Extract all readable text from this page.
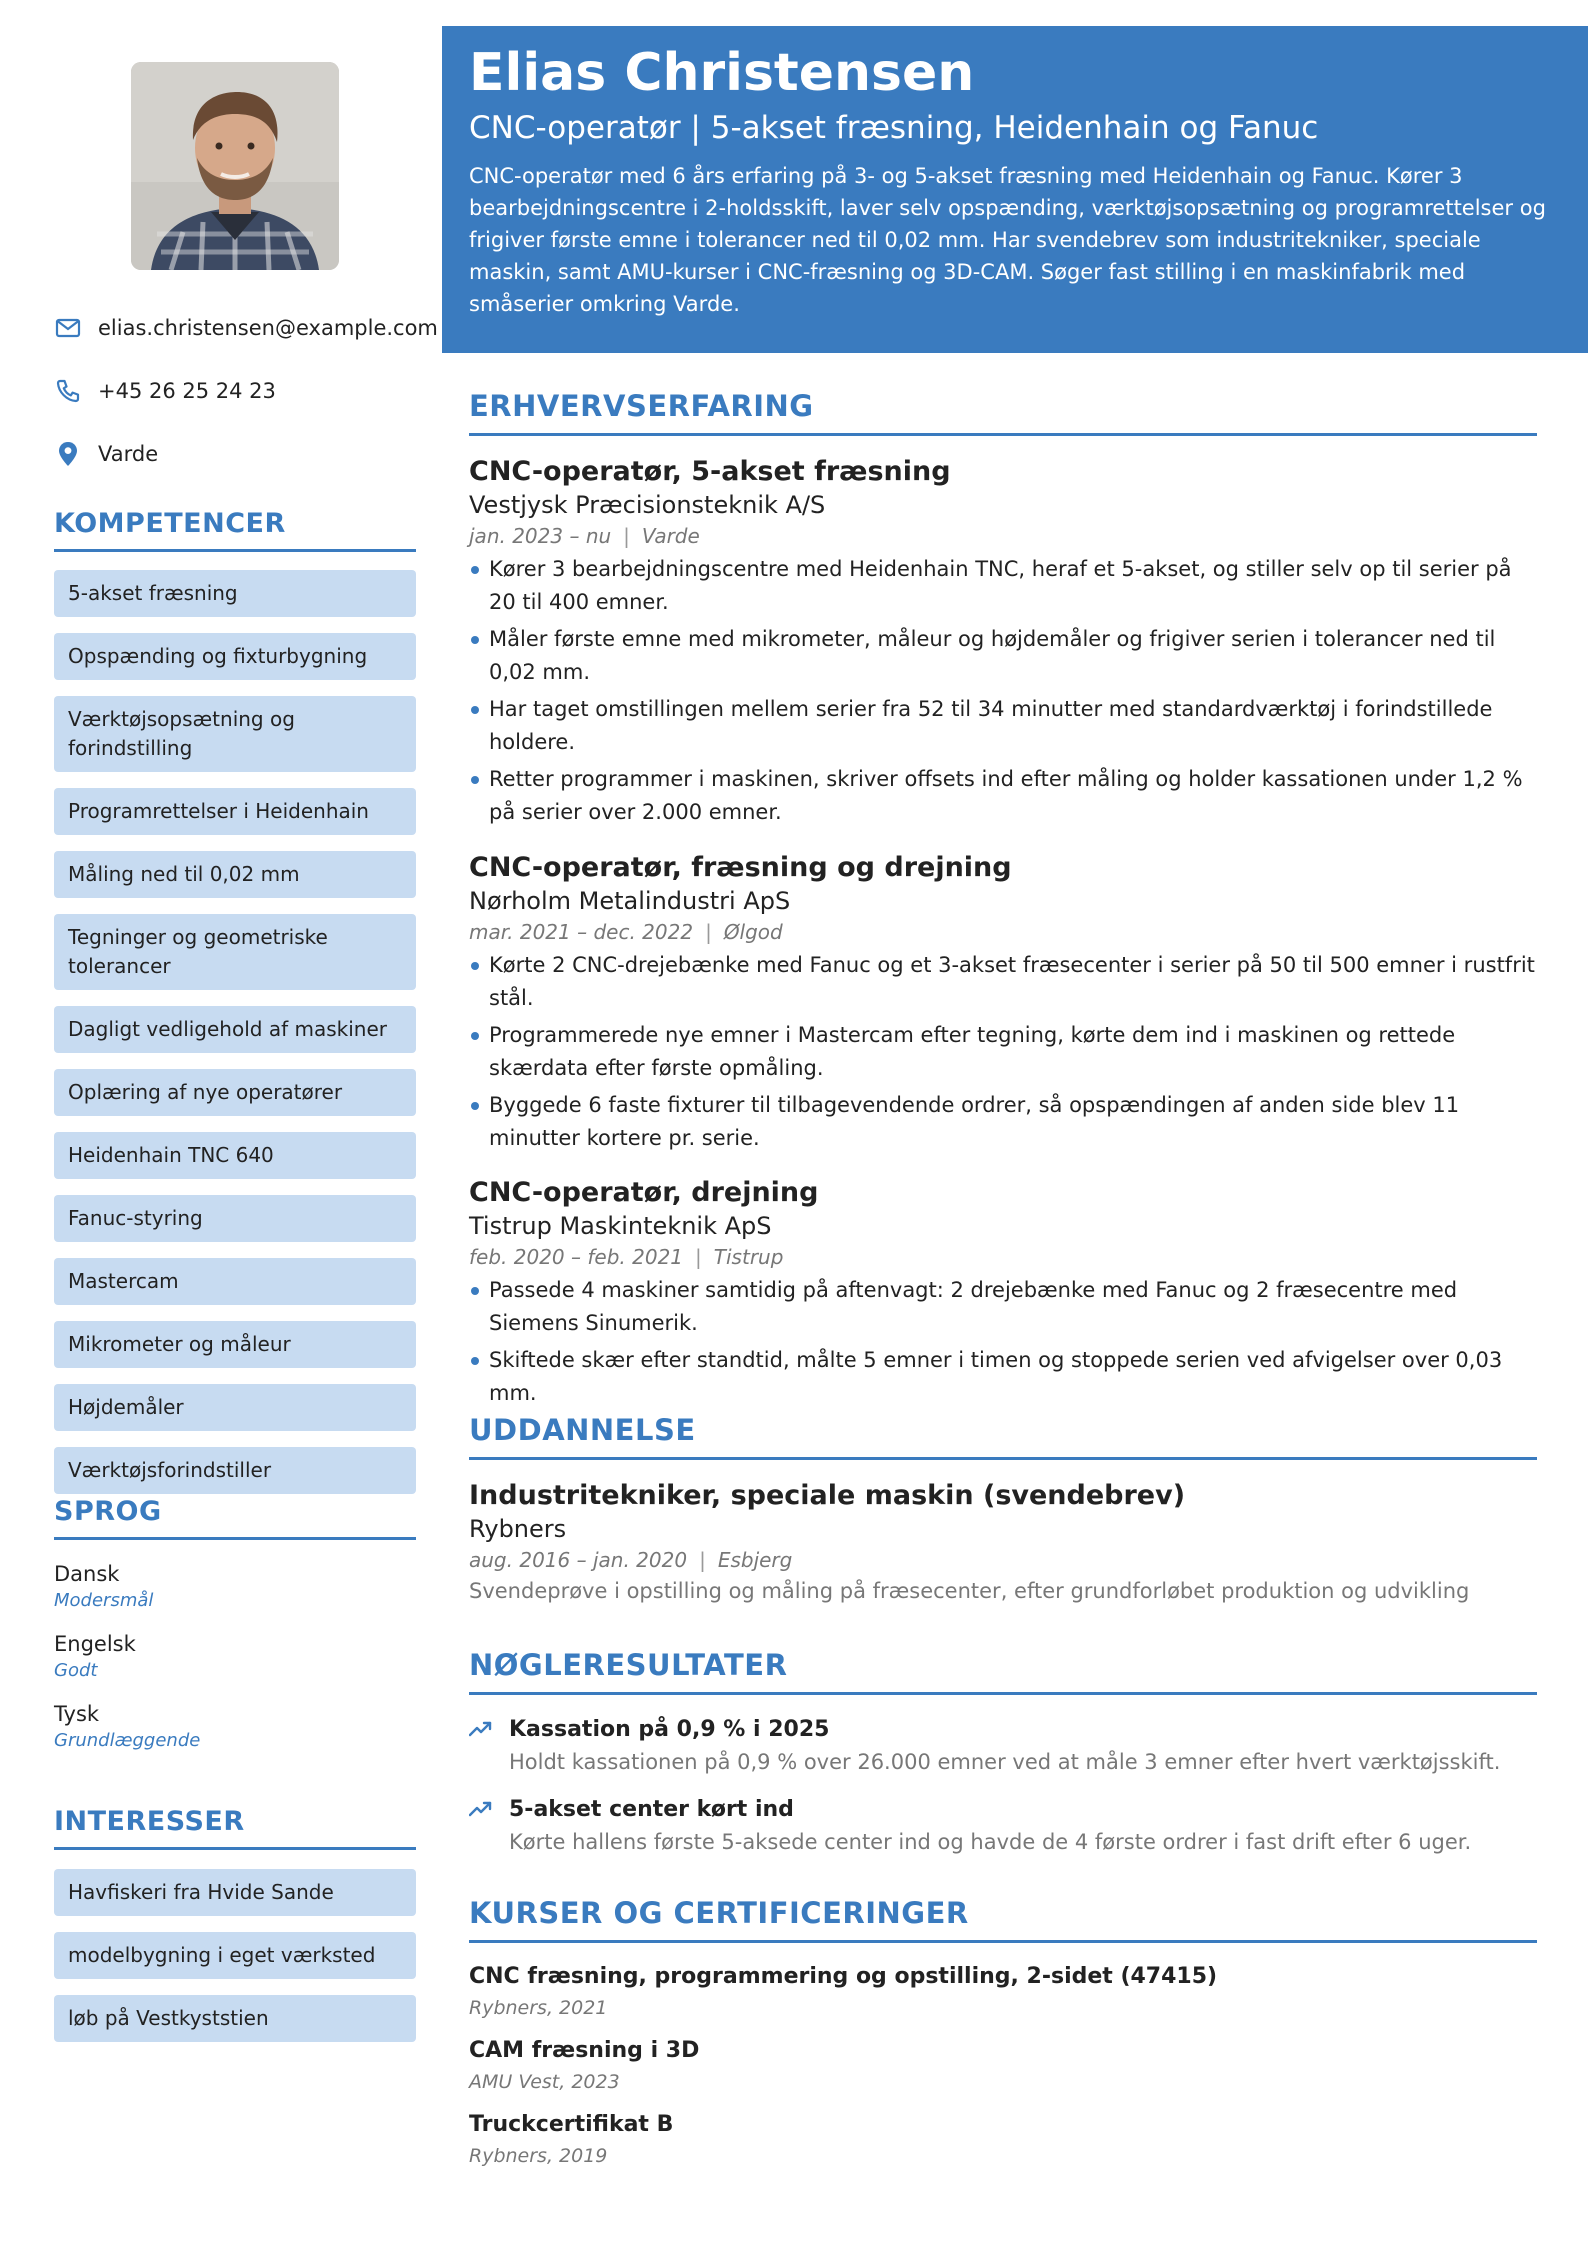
elias.christensen@example.com
+45 26 25 24 23
Varde
KOMPETENCER
5-akset fræsning
Opspænding og fixturbygning
Værktøjsopsætning og forindstilling
Programrettelser i Heidenhain
Måling ned til 0,02 mm
Tegninger og geometriske tolerancer
Dagligt vedligehold af maskiner
Oplæring af nye operatører
Heidenhain TNC 640
Fanuc-styring
Mastercam
Mikrometer og måleur
Højdemåler
Værktøjsforindstiller
SPROG
Dansk
Modersmål
Engelsk
Godt
Tysk
Grundlæggende
INTERESSER
Havfiskeri fra Hvide Sande
modelbygning i eget værksted
løb på Vestkyststien
Elias Christensen
CNC-operatør | 5-akset fræsning, Heidenhain og Fanuc
CNC-operatør med 6 års erfaring på 3- og 5-akset fræsning med Heidenhain og Fanuc. Kører 3 bearbejdningscentre i 2-holdsskift, laver selv opspænding, værktøjsopsætning og programrettelser og frigiver første emne i tolerancer ned til 0,02 mm. Har svendebrev som industritekniker, speciale maskin, samt AMU-kurser i CNC-fræsning og 3D-CAM. Søger fast stilling i en maskinfabrik med småserier omkring Varde.
ERHVERVSERFARING
CNC-operatør, 5-akset fræsning
Vestjysk Præcisionsteknik A/S
jan. 2023 – nu | Varde
Kører 3 bearbejdningscentre med Heidenhain TNC, heraf et 5-akset, og stiller selv op til serier på 20 til 400 emner.
Måler første emne med mikrometer, måleur og højdemåler og frigiver serien i tolerancer ned til 0,02 mm.
Har taget omstillingen mellem serier fra 52 til 34 minutter med standardværktøj i forindstillede holdere.
Retter programmer i maskinen, skriver offsets ind efter måling og holder kassationen under 1,2 % på serier over 2.000 emner.
CNC-operatør, fræsning og drejning
Nørholm Metalindustri ApS
mar. 2021 – dec. 2022 | Ølgod
Kørte 2 CNC-drejebænke med Fanuc og et 3-akset fræsecenter i serier på 50 til 500 emner i rustfrit stål.
Programmerede nye emner i Mastercam efter tegning, kørte dem ind i maskinen og rettede skærdata efter første opmåling.
Byggede 6 faste fixturer til tilbagevendende ordrer, så opspændingen af anden side blev 11 minutter kortere pr. serie.
CNC-operatør, drejning
Tistrup Maskinteknik ApS
feb. 2020 – feb. 2021 | Tistrup
Passede 4 maskiner samtidig på aftenvagt: 2 drejebænke med Fanuc og 2 fræsecentre med Siemens Sinumerik.
Skiftede skær efter standtid, målte 5 emner i timen og stoppede serien ved afvigelser over 0,03 mm.
UDDANNELSE
Industritekniker, speciale maskin (svendebrev)
Rybners
aug. 2016 – jan. 2020 | Esbjerg
Svendeprøve i opstilling og måling på fræsecenter, efter grundforløbet produktion og udvikling
NØGLERESULTATER
Kassation på 0,9 % i 2025
Holdt kassationen på 0,9 % over 26.000 emner ved at måle 3 emner efter hvert værktøjsskift.
5-akset center kørt ind
Kørte hallens første 5-aksede center ind og havde de 4 første ordrer i fast drift efter 6 uger.
KURSER OG CERTIFICERINGER
CNC fræsning, programmering og opstilling, 2-sidet (47415)
Rybners, 2021
CAM fræsning i 3D
AMU Vest, 2023
Truckcertifikat B
Rybners, 2019
